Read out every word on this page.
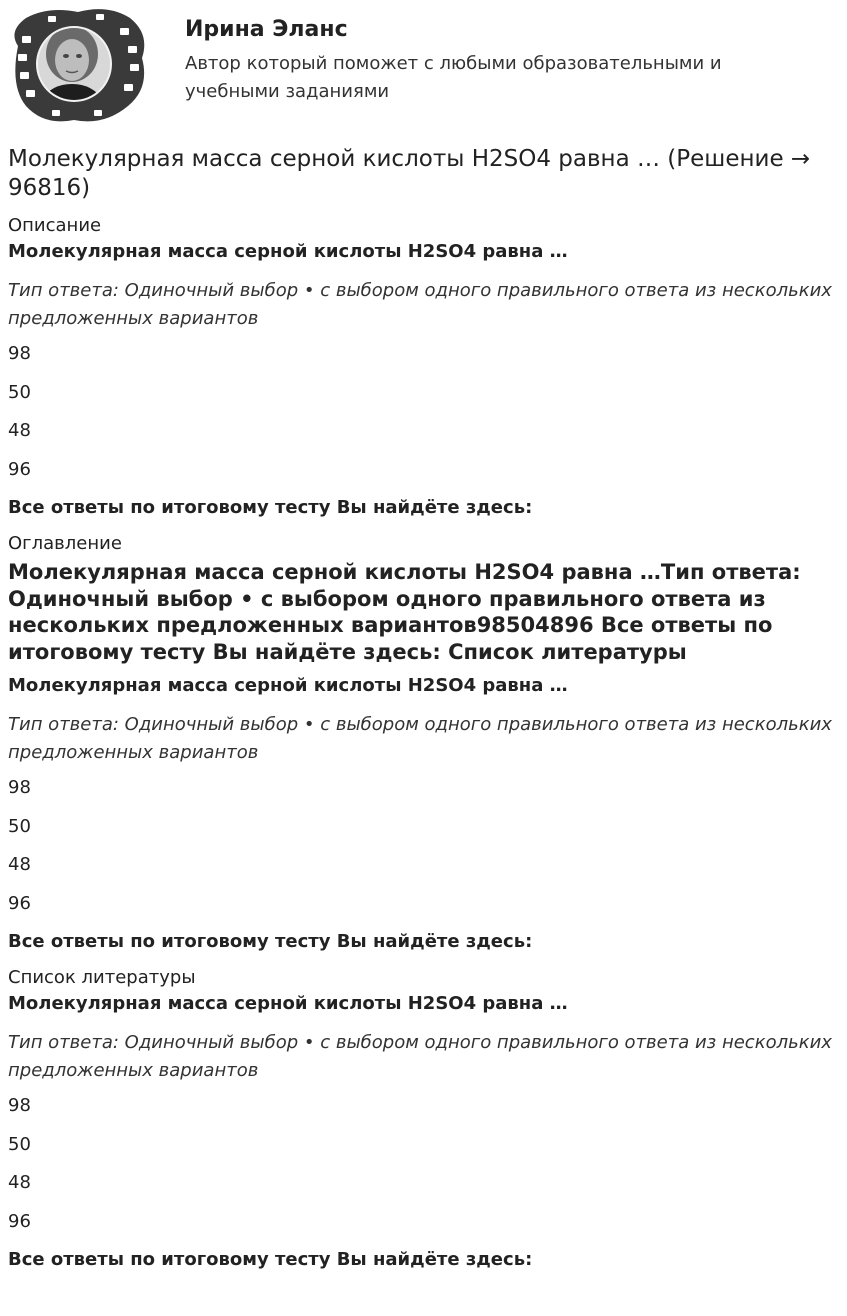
Ирина Эланс

Автор который поможет с любыми образовательными и учебными заданиями

Молекулярная масса серной кислоты H2SO4 равна … (Решение → 96816)

Описание

Молекулярная масса серной кислоты H2SO4 равна …

Тип ответа: Одиночный выбор • с выбором одного правильного ответа из нескольких предложенных вариантов

98
50
48
96

Все ответы по итоговому тесту Вы найдёте здесь:

Оглавление

Молекулярная масса серной кислоты H2SO4 равна …Тип ответа: Одиночный выбор • с выбором одного правильного ответа из нескольких предложенных вариантов98504896 Все ответы по итоговому тесту Вы найдёте здесь: Список литературы

Молекулярная масса серной кислоты H2SO4 равна …

Тип ответа: Одиночный выбор • с выбором одного правильного ответа из нескольких предложенных вариантов

98
50
48
96

Все ответы по итоговому тесту Вы найдёте здесь:

Список литературы

Молекулярная масса серной кислоты H2SO4 равна …

Тип ответа: Одиночный выбор • с выбором одного правильного ответа из нескольких предложенных вариантов

98
50
48
96

Все ответы по итоговому тесту Вы найдёте здесь:
